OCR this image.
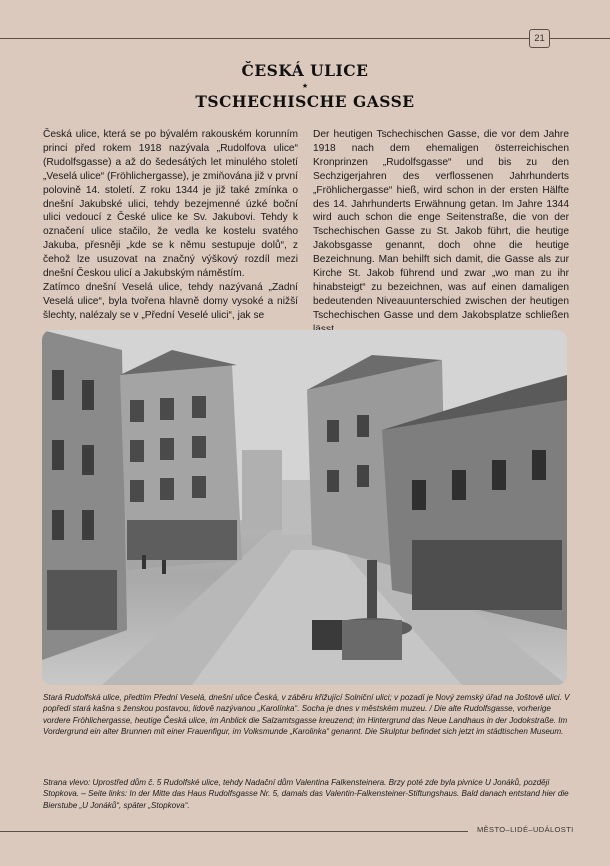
21
ČESKÁ ULICE
★
TSCHECHISCHE GASSE

Česká ulice, která se po bývalém rakouském korunním princi před rokem 1918 nazývala „Rudolfova ulice“ (Rudolfsgasse) a až do šedesátých let minulého století „Veselá ulice“ (Fröhlichergasse), je zmiňována již v první polovině 14. století. Z roku 1344 je již také zmínka o dnešní Jakubské ulici, tehdy bezejmenné úzké boční ulici vedoucí z České ulice ke Sv. Jakubovi. Tehdy k označení ulice stačilo, že vedla ke kostelu svatého Jakuba, přesněji „kde se k němu sestupuje dolů“, z čehož lze usuzovat na značný výškový rozdíl mezi dnešní Českou ulicí a Jakubským náměstím.

Zatímco dnešní Veselá ulice, tehdy nazývaná „Zadní Veselá ulice“, byla tvořena hlavně domy vysoké a nižší šlechty, nalézaly se v „Přední Veselé ulici“, jak se

Der heutigen Tschechischen Gasse, die vor dem Jahre 1918 nach dem ehemaligen österreichischen Kronprinzen „Rudolfsgasse“ und bis zu den Sechzigerjahren des verflossenen Jahrhunderts „Fröhlichergasse“ hieß, wird schon in der ersten Hälfte des 14. Jahrhunderts Erwähnung getan. Im Jahre 1344 wird auch schon die enge Seitenstraße, die von der Tschechischen Gasse zu St. Jakob führt, die heutige Jakobsgasse genannt, doch ohne die heutige Bezeichnung. Man behilft sich damit, die Gasse als zur Kirche St. Jakob führend und zwar „wo man zu ihr hinabsteigt“ zu bezeichnen, was auf einen damaligen bedeutenden Niveauunterschied zwischen der heutigen Tschechischen Gasse und dem Jakobsplatze schließen

Stará Rudolfská ulice, předtím Přední Veselá, dnešní ulice Česká, v záběru křižující Solniční ulici; v pozadí je Nový zemský úřad na Joštově ulici. V popředí stará kašna s ženskou postavou, lidově nazývanou „Karolínka“. Socha je dnes v městském muzeu. / Die alte Rudolfsgasse, vorherige vordere Fröhlichergasse, heutige Česká ulice, im Anblick die Salzamtsgasse kreuzend; im Hintergrund das Neue Landhaus in der Jodokstraße. Im Vordergrund ein alter Brunnen mit einer Frauenfigur, im Volksmunde „Karolinka“ genannt. Die Skulptur befindet sich jetzt im städtischen Museum.
Strana vlevo: Uprostřed dům č. 5 Rudolfské ulice, tehdy Nadační dům Valentina Falkensteinera. Brzy poté zde byla pivnice U Jonáků, později Stopkova. – Seite links: In der Mitte das Haus Rudolfsgasse Nr. 5, damals das Valentin-Falkensteiner-Stiftungshaus. Bald danach entstand hier die Bierstube „U Jonáků“, später „Stopkova“.
MĚSTO–LIDÉ–UDÁLOSTI
